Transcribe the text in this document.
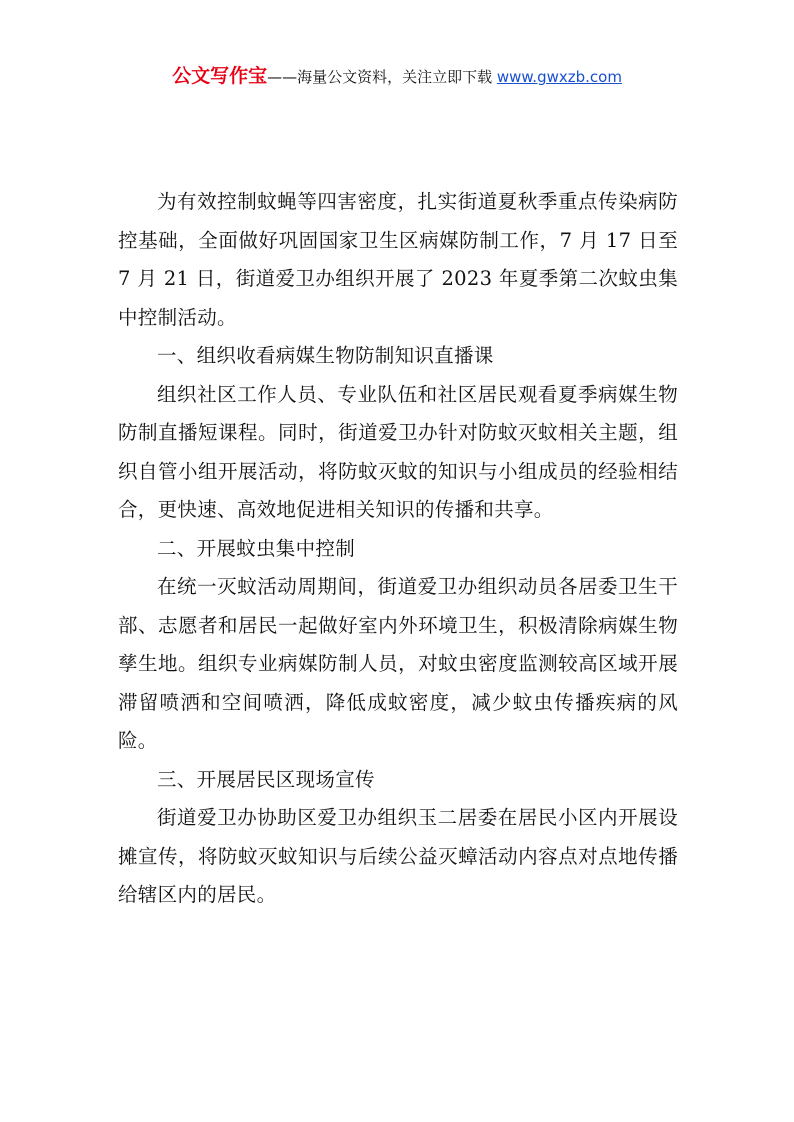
公文写作宝——海量公文资料，关注立即下载 www.gwxzb.com

为有效控制蚊蝇等四害密度，扎实街道夏秋季重点传染病防控基础，全面做好巩固国家卫生区病媒防制工作，7 月 17 日至 7 月 21 日，街道爱卫办组织开展了 2023 年夏季第二次蚊虫集中控制活动。

一、组织收看病媒生物防制知识直播课

组织社区工作人员、专业队伍和社区居民观看夏季病媒生物防制直播短课程。同时，街道爱卫办针对防蚊灭蚊相关主题，组织自管小组开展活动，将防蚊灭蚊的知识与小组成员的经验相结合，更快速、高效地促进相关知识的传播和共享。

二、开展蚊虫集中控制

在统一灭蚊活动周期间，街道爱卫办组织动员各居委卫生干部、志愿者和居民一起做好室内外环境卫生，积极清除病媒生物孳生地。组织专业病媒防制人员，对蚊虫密度监测较高区域开展滞留喷洒和空间喷洒，降低成蚊密度，减少蚊虫传播疾病的风险。

三、开展居民区现场宣传

街道爱卫办协助区爱卫办组织玉二居委在居民小区内开展设摊宣传，将防蚊灭蚊知识与后续公益灭蟑活动内容点对点地传播给辖区内的居民。
